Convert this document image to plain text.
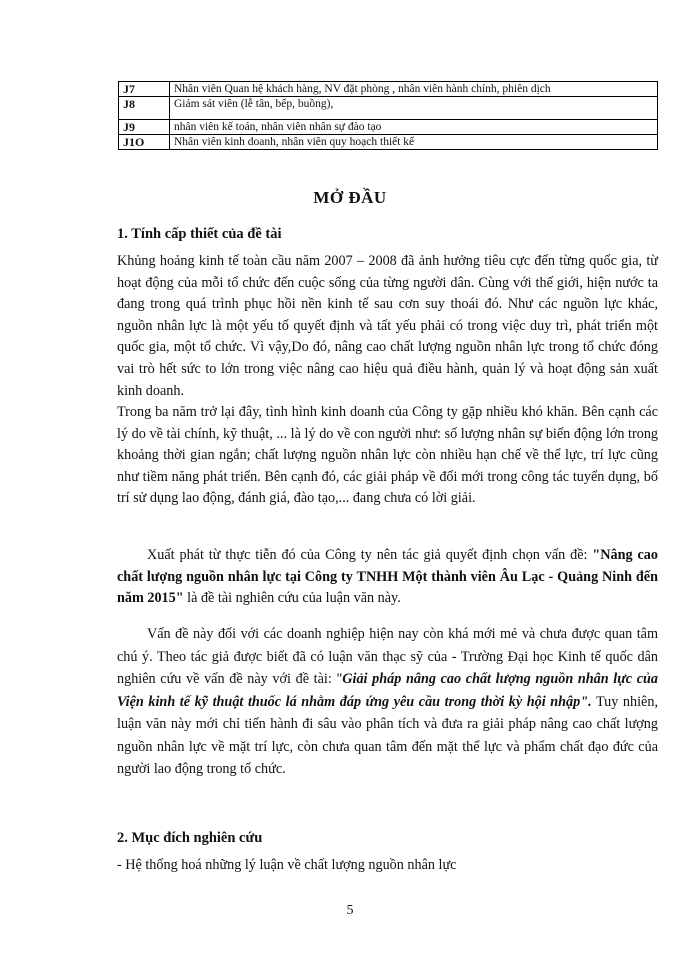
J7	Nhân viên Quan hệ khách hàng, NV đặt phòng , nhân viên hành chính, phiên dịch
J8	Giám sát viên (lễ tân, bếp, buồng),
J9	nhân viên kế toán, nhân viên nhân sự đào tạo
J1O	Nhân viên kinh doanh, nhân viên quy hoạch thiết kế
MỞ ĐẦU
1. Tính cấp thiết của đề tài

Khủng hoảng kinh tế toàn cầu năm 2007 – 2008 đã ảnh hưởng tiêu cực đến từng quốc gia, từ hoạt động của mỗi tổ chức đến cuộc sống của từng người dân. Cùng với thế giới, hiện nước ta đang trong quá trình phục hồi nền kinh tế sau cơn suy thoái đó. Như các nguồn lực khác, nguồn nhân lực là một yếu tố quyết định và tất yếu phải có trong việc duy trì, phát triển một quốc gia, một tổ chức. Vì vậy,Do đó, nâng cao chất lượng nguồn nhân lực trong tổ chức đóng vai trò hết sức to lớn trong việc nâng cao hiệu quả điều hành, quản lý và hoạt động sản xuất kinh doanh.

Trong ba năm trở lại đây, tình hình kinh doanh của Công ty gặp nhiều khó khăn. Bên cạnh các lý do về tài chính, kỹ thuật, ... là lý do về con người như: số lượng nhân sự biến động lớn trong khoảng thời gian ngắn; chất lượng nguồn nhân lực còn nhiều hạn chế về thể lực, trí lực cũng như tiềm năng phát triển. Bên cạnh đó, các giải pháp về đổi mới trong công tác tuyển dụng, bố trí sử dụng lao động, đánh giá, đào tạo,... đang chưa có lời giải.

Xuất phát từ thực tiễn đó của Công ty nên tác giả quyết định chọn vấn đề: "Nâng cao chất lượng nguồn nhân lực tại Công ty TNHH Một thành viên Âu Lạc - Quảng Ninh đến năm 2015" là đề tài nghiên cứu của luận văn này.

Vấn đề này đối với các doanh nghiệp hiện nay còn khá mới mẻ và chưa được quan tâm chú ý. Theo tác giả được biết đã có luận văn thạc sỹ của - Trường Đại học Kinh tế quốc dân nghiên cứu về vấn đề này với đề tài: "Giải pháp nâng cao chất lượng nguồn nhân lực của Viện kinh tế kỹ thuật thuốc lá nhằm đáp ứng yêu cầu trong thời kỳ hội nhập". Tuy nhiên, luận văn này mới chỉ tiến hành đi sâu vào phân tích và đưa ra giải pháp nâng cao chất lượng nguồn nhân lực về mặt trí lực, còn chưa quan tâm đến mặt thể lực và phẩm chất đạo đức của người lao động trong tổ chức.

2. Mục đích nghiên cứu

- Hệ thống hoá những lý luận về chất lượng nguồn nhân lực

5
